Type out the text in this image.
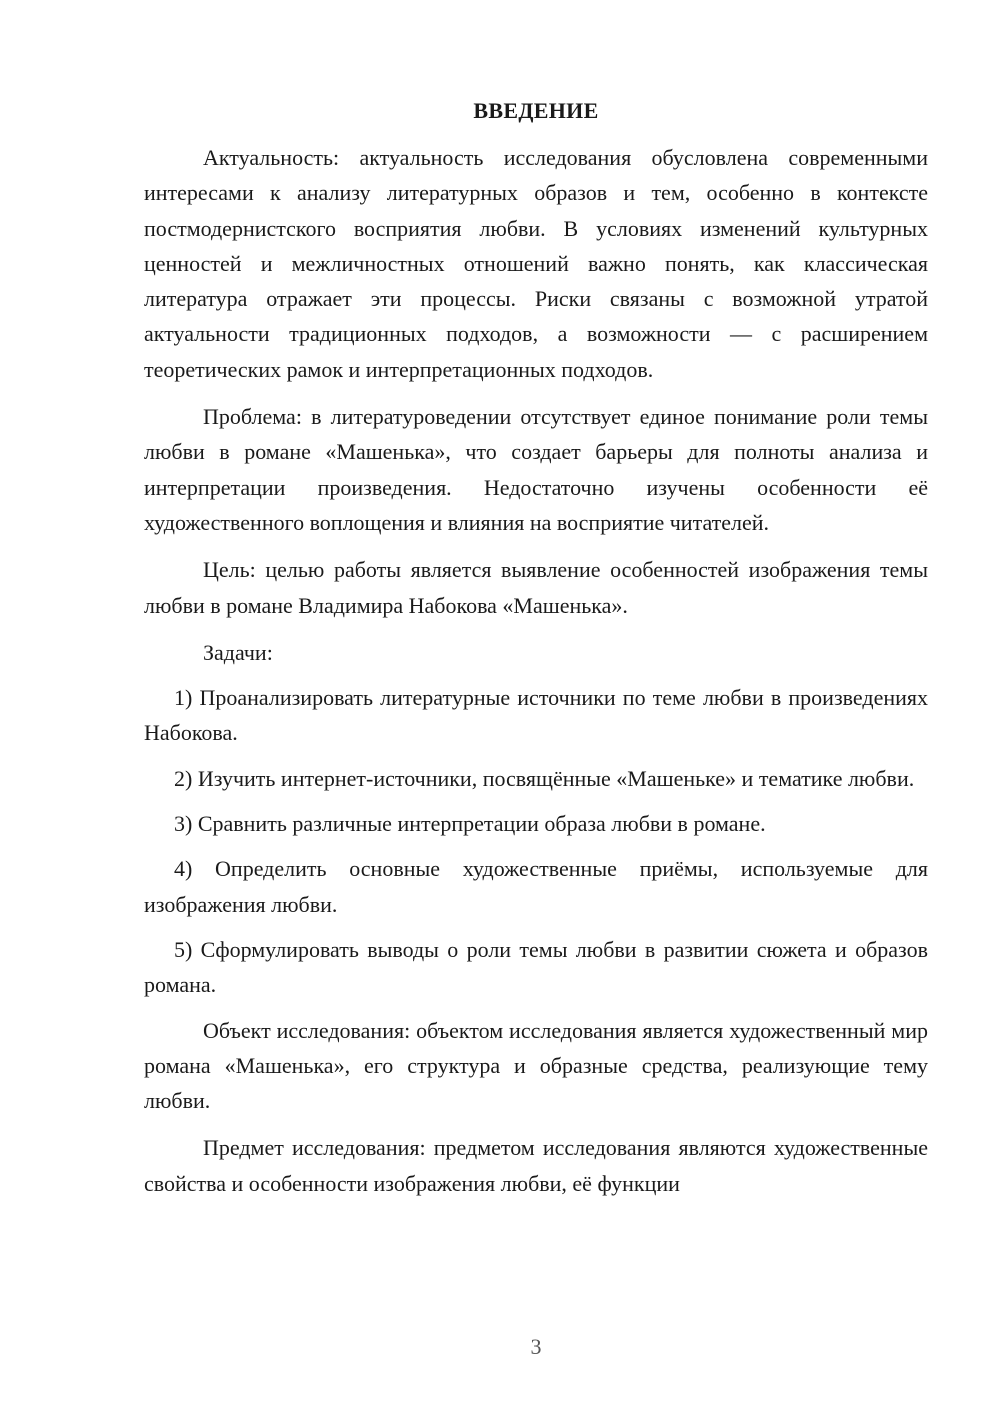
ВВЕДЕНИЕ

Актуальность: актуальность исследования обусловлена современными интересами к анализу литературных образов и тем, особенно в контексте постмодернистского восприятия любви. В условиях изменений культурных ценностей и межличностных отношений важно понять, как классическая литература отражает эти процессы. Риски связаны с возможной утратой актуальности традиционных подходов, а возможности — с расширением теоретических рамок и интерпретационных подходов.

Проблема: в литературоведении отсутствует единое понимание роли темы любви в романе «Машенька», что создает барьеры для полноты анализа и интерпретации произведения. Недостаточно изучены особенности её художественного воплощения и влияния на восприятие читателей.

Цель: целью работы является выявление особенностей изображения темы любви в романе Владимира Набокова «Машенька».

Задачи:

1) Проанализировать литературные источники по теме любви в произведениях Набокова.

2) Изучить интернет-источники, посвящённые «Машеньке» и тематике любви.

3) Сравнить различные интерпретации образа любви в романе.

4) Определить основные художественные приёмы, используемые для изображения любви.

5) Сформулировать выводы о роли темы любви в развитии сюжета и образов романа.

Объект исследования: объектом исследования является художественный мир романа «Машенька», его структура и образные средства, реализующие тему любви.

Предмет исследования: предметом исследования являются художественные свойства и особенности изображения любви, её функции

3
